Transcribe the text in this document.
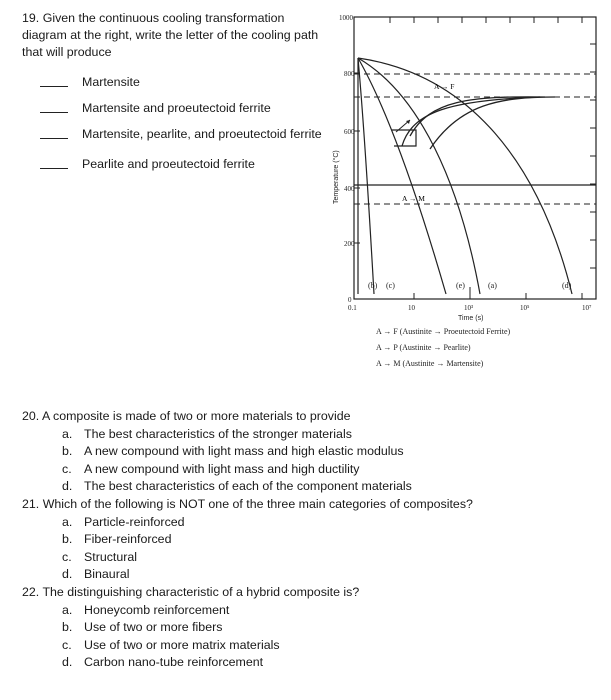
19. Given the continuous cooling transformation diagram at the right, write the letter of the cooling path that will produce

Martensite
Martensite and proeutectoid ferrite
Martensite, pearlite, and proeutectoid ferrite
Pearlite and proeutectoid ferrite
A → F
A → M
1000
800
600
400
200
0
Temperature (°C)
(b) (c)	(e)	(a)	(d)
0.1	10	10³	10⁵	10⁷
Time (s)
A → F (Austinite → Proeutectoid Ferrite)
A → P (Austinite → Pearlite)
A → M (Austinite → Martensite)
20. A composite is made of two or more materials to provide
a. The best characteristics of the stronger materials
b. A new compound with light mass and high elastic modulus
c. A new compound with light mass and high ductility
d. The best characteristics of each of the component materials
21. Which of the following is NOT one of the three main categories of composites?
a. Particle-reinforced
b. Fiber-reinforced
c. Structural
d. Binaural
22. The distinguishing characteristic of a hybrid composite is?
a. Honeycomb reinforcement
b. Use of two or more fibers
c. Use of two or more matrix materials
d. Carbon nano-tube reinforcement
